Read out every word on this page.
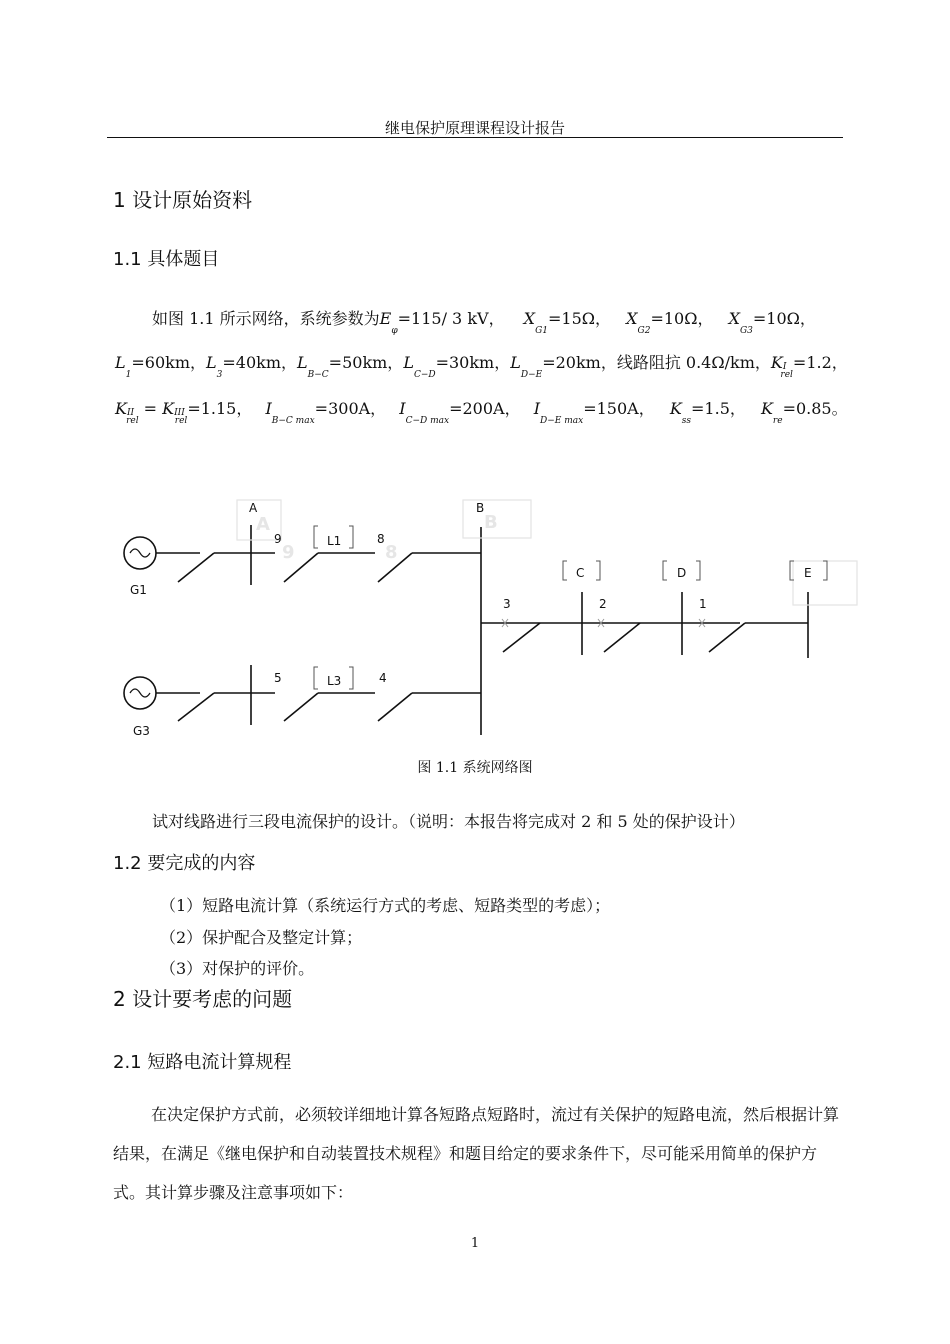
继电保护原理课程设计报告
1 设计原始资料
1.1 具体题目
如图 1.1 所示网络，系统参数为$E_\varphi=115/$ 3 kV， $X_{G1}=15\Omega$， $X_{G2}=10\Omega$， $X_{G3}=10\Omega$，
$L_1=60km$，$L_3=40km$，$L_{B-C}=50km$，$L_{C-D}=30km$，$L_{D-E}=20km$，线路阻抗 0.4Ω/km，$KI_{rel}=1.2$，
$KII_{rel}$ = $KIII_{rel}=1.15$， $I_{B-C max}=300A$， $I_{C-D max}=200A$， $I_{D-E max}=150A$， $K_{ss}=1.5$， $K_{re}=0.85$。
A	B
9	8
A	B
C	D	E
G1
G3
L1
L3
9	8
3	2	1
5	4
图 1.1 系统网络图
试对线路进行三段电流保护的设计。（说明：本报告将完成对 2 和 5 处的保护设计）
1.2 要完成的内容
（1）短路电流计算（系统运行方式的考虑、短路类型的考虑）；
（2）保护配合及整定计算；
（3）对保护的评价。
2 设计要考虑的问题
2.1 短路电流计算规程
在决定保护方式前，必须较详细地计算各短路点短路时，流过有关保护的短路电流，然后根据计算结果，在满足《继电保护和自动装置技术规程》和题目给定的要求条件下，尽可能采用简单的保护方式。其计算步骤及注意事项如下：
1
